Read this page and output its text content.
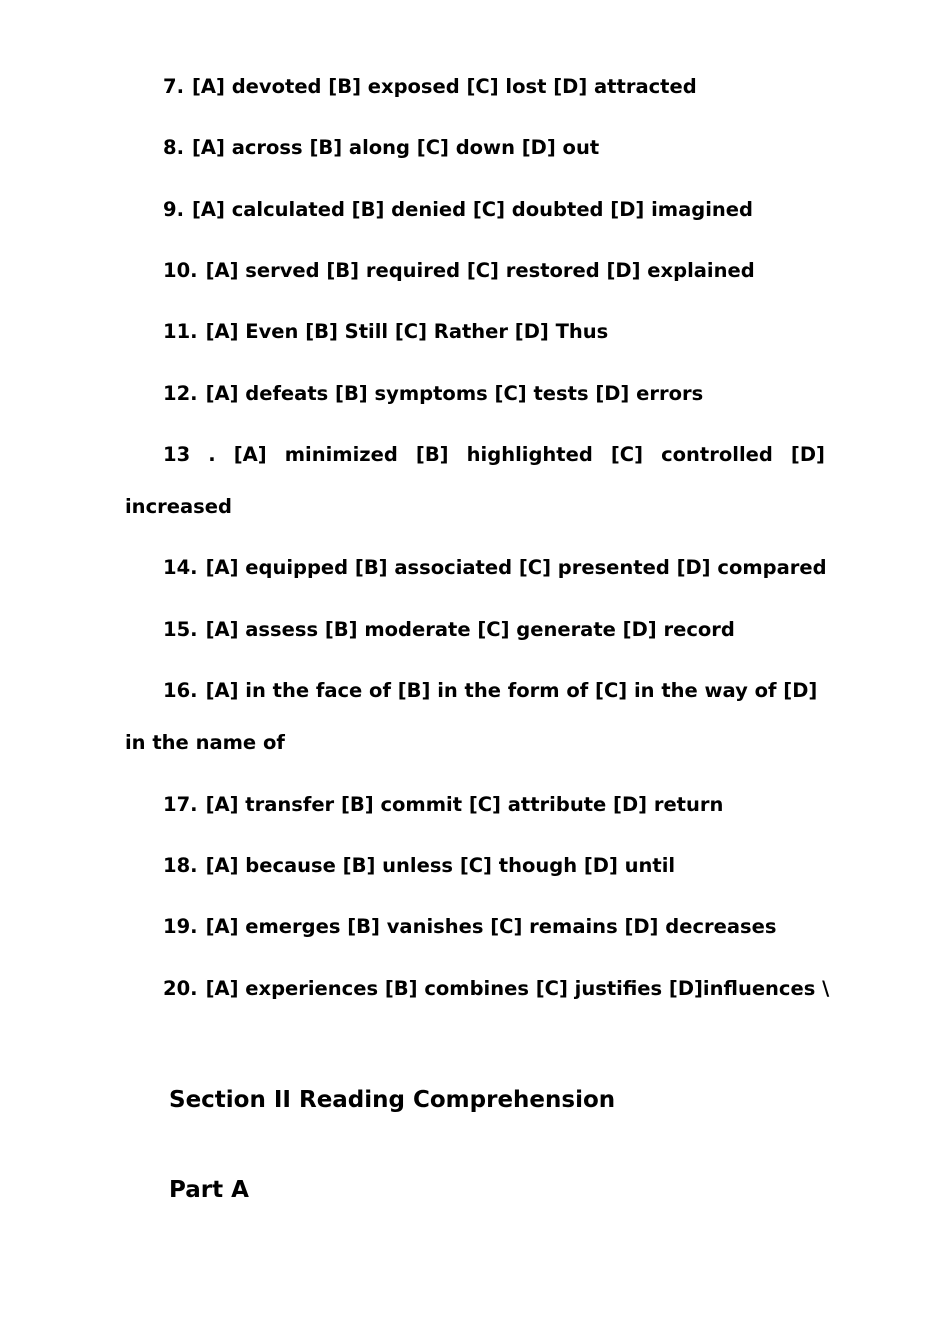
7. [A] devoted [B] exposed [C] lost [D] attracted
8. [A] across [B] along [C] down [D] out
9. [A] calculated [B] denied [C] doubted [D] imagined
10. [A] served [B] required [C] restored [D] explained
11. [A] Even [B] Still [C] Rather [D] Thus
12. [A] defeats [B] symptoms [C] tests [D] errors
13 . [A] minimized [B] highlighted [C] controlled [D]
increased
14. [A] equipped [B] associated [C] presented [D] compared
15. [A] assess [B] moderate [C] generate [D] record
16. [A] in the face of [B] in the form of [C] in the way of [D]
in the name of
17. [A] transfer [B] commit [C] attribute [D] return
18. [A] because [B] unless [C] though [D] until
19. [A] emerges [B] vanishes [C] remains [D] decreases
20. [A] experiences [B] combines [C] justifies [D]influences \
Section II Reading Comprehension
Part A
